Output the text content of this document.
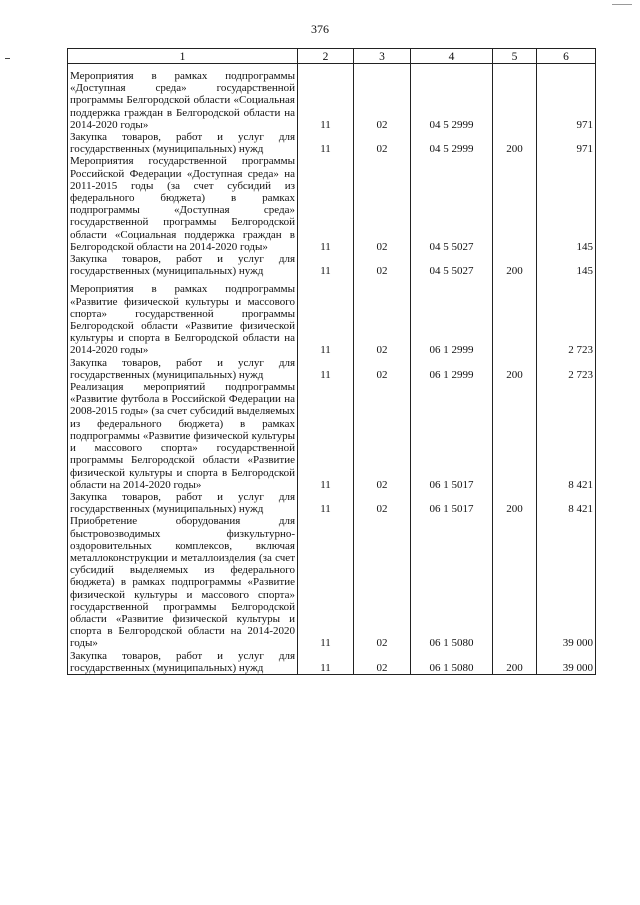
376
1	2	3	4	5	6

Мероприятия в рамках подпрограммы «Доступная среда» государственной программы Белгородской области «Социальная поддержка граждан в Белгородской области на 2014-2020 годы»	11	02	04 5 2999		971
Закупка товаров, работ и услуг для государственных (муниципальных) нужд	11	02	04 5 2999	200	971
Мероприятия государственной программы Российской Федерации «Доступная среда» на 2011-2015 годы (за счет субсидий из федерального бюджета) в рамках подпрограммы «Доступная среда» государственной программы Белгородской области «Социальная поддержка граждан в Белгородской области на 2014-2020 годы»	11	02	04 5 5027		145
Закупка товаров, работ и услуг для государственных (муниципальных) нужд	11	02	04 5 5027	200	145

Мероприятия в рамках подпрограммы «Развитие физической культуры и массового спорта» государственной программы Белгородской области «Развитие физической культуры и спорта в Белгородской области на 2014-2020 годы»	11	02	06 1 2999		2 723
Закупка товаров, работ и услуг для государственных (муниципальных) нужд	11	02	06 1 2999	200	2 723
Реализация мероприятий подпрограммы «Развитие футбола в Российской Федерации на 2008-2015 годы» (за счет субсидий выделяемых из федерального бюджета) в рамках подпрограммы «Развитие физической культуры и массового спорта» государственной программы Белгородской области «Развитие физической культуры и спорта в Белгородской области на 2014-2020 годы»	11	02	06 1 5017		8 421
Закупка товаров, работ и услуг для государственных (муниципальных) нужд	11	02	06 1 5017	200	8 421
Приобретение оборудования для быстровозводимых физкультурно-оздоровительных комплексов, включая металлоконструкции и металлоизделия (за счет субсидий выделяемых из федерального бюджета) в рамках подпрограммы «Развитие физической культуры и массового спорта» государственной программы Белгородской области «Развитие физической культуры и спорта в Белгородской области на 2014-2020 годы»	11	02	06 1 5080		39 000
Закупка товаров, работ и услуг для государственных (муниципальных) нужд	11	02	06 1 5080	200	39 000
